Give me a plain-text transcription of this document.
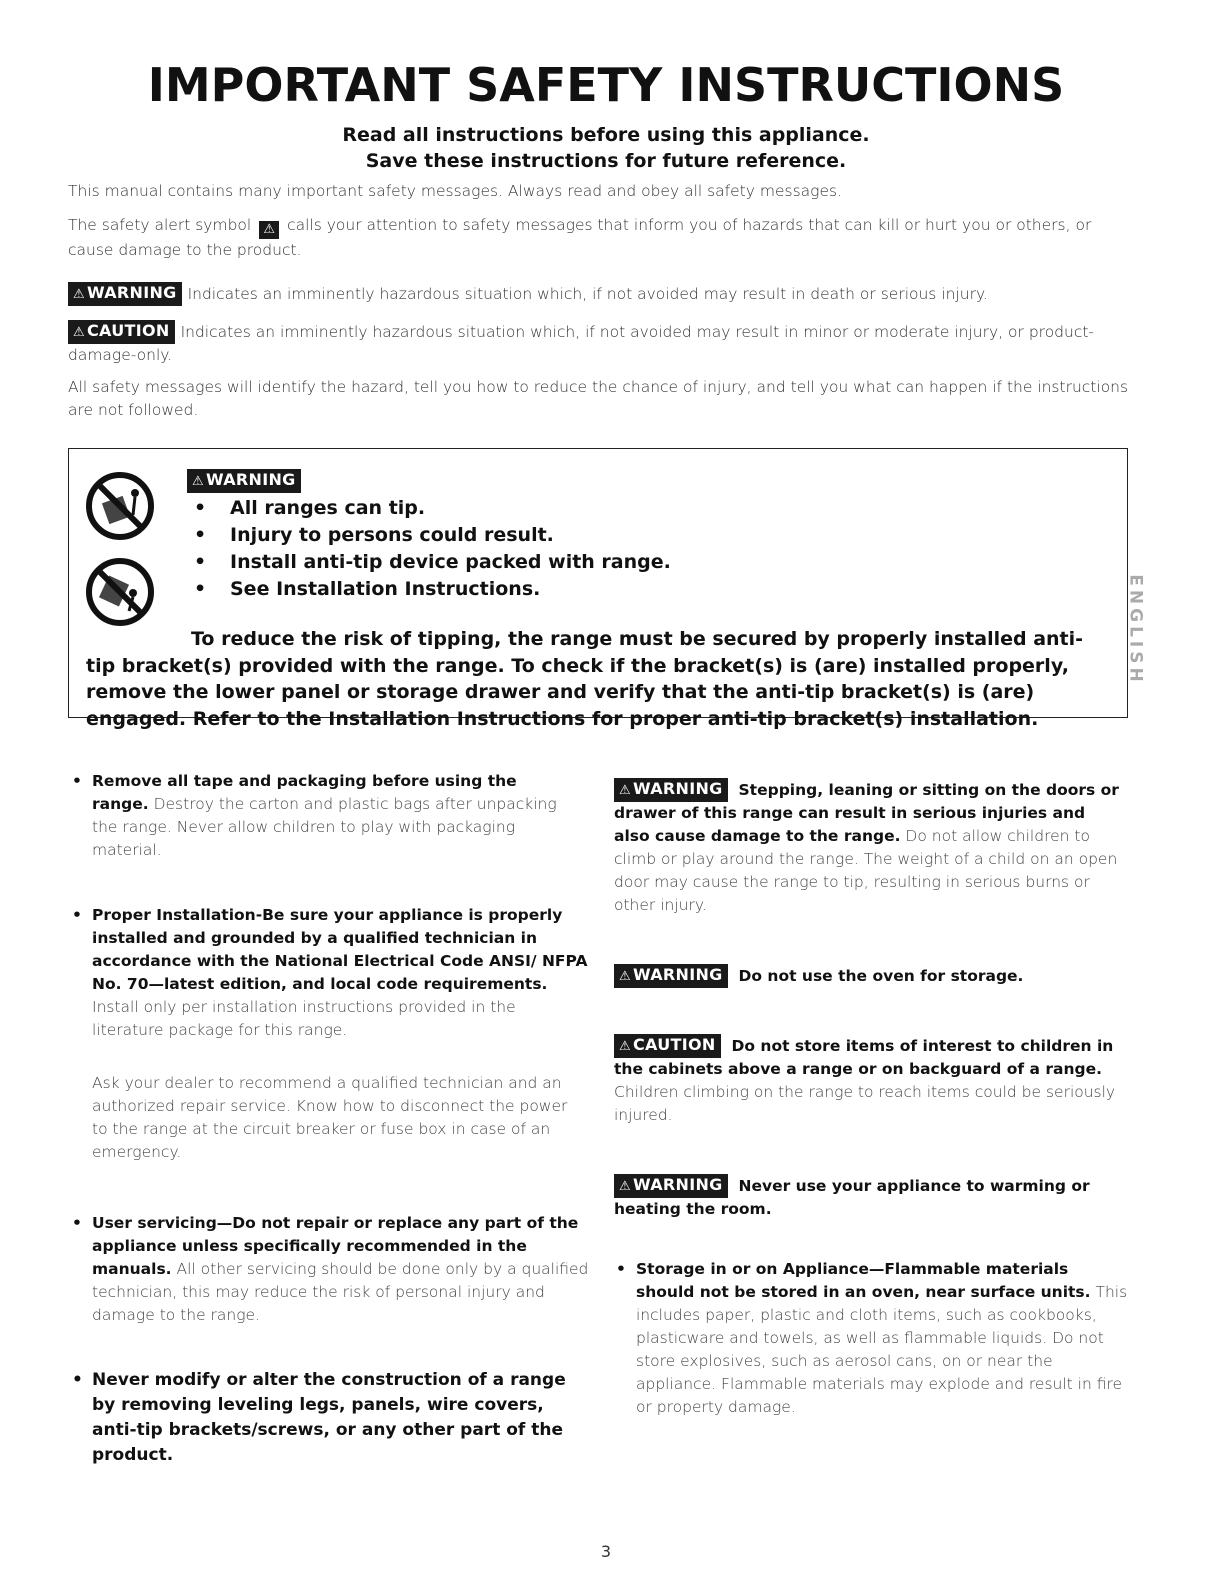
IMPORTANT SAFETY INSTRUCTIONS
Read all instructions before using this appliance.
Save these instructions for future reference.
This manual contains many important safety messages. Always read and obey all safety messages.
The safety alert symbol ⚠ calls your attention to safety messages that inform you of hazards that can kill or hurt you or others, or cause damage to the product.
⚠ WARNING Indicates an imminently hazardous situation which, if not avoided may result in death or serious injury.
⚠ CAUTION Indicates an imminently hazardous situation which, if not avoided may result in minor or moderate injury, or product-damage-only.
All safety messages will identify the hazard, tell you how to reduce the chance of injury, and tell you what can happen if the instructions are not followed.
⚠ WARNING
• All ranges can tip.
• Injury to persons could result.
• Install anti-tip device packed with range.
• See Installation Instructions.
To reduce the risk of tipping, the range must be secured by properly installed anti-tip bracket(s) provided with the range. To check if the bracket(s) is (are) installed properly, remove the lower panel or storage drawer and verify that the anti-tip bracket(s) is (are) engaged. Refer to the Installation Instructions for proper anti-tip bracket(s) installation.
ENGLISH
• Remove all tape and packaging before using the range. Destroy the carton and plastic bags after unpacking the range. Never allow children to play with packaging material.
• Proper Installation-Be sure your appliance is properly installed and grounded by a qualified technician in accordance with the National Electrical Code ANSI/ NFPA No. 70—latest edition, and local code requirements. Install only per installation instructions provided in the literature package for this range.
Ask your dealer to recommend a qualified technician and an authorized repair service. Know how to disconnect the power to the range at the circuit breaker or fuse box in case of an emergency.
• User servicing—Do not repair or replace any part of the appliance unless specifically recommended in the manuals. All other servicing should be done only by a qualified technician, this may reduce the risk of personal injury and damage to the range.
• Never modify or alter the construction of a range by removing leveling legs, panels, wire covers, anti-tip brackets/screws, or any other part of the product.
⚠ WARNING Stepping, leaning or sitting on the doors or drawer of this range can result in serious injuries and also cause damage to the range. Do not allow children to climb or play around the range. The weight of a child on an open door may cause the range to tip, resulting in serious burns or other injury.
⚠ WARNING Do not use the oven for storage.
⚠ CAUTION Do not store items of interest to children in the cabinets above a range or on backguard of a range. Children climbing on the range to reach items could be seriously injured.
⚠ WARNING Never use your appliance to warming or heating the room.
• Storage in or on Appliance—Flammable materials should not be stored in an oven, near surface units. This includes paper, plastic and cloth items, such as cookbooks, plasticware and towels, as well as flammable liquids. Do not store explosives, such as aerosol cans, on or near the appliance. Flammable materials may explode and result in fire or property damage.
3
